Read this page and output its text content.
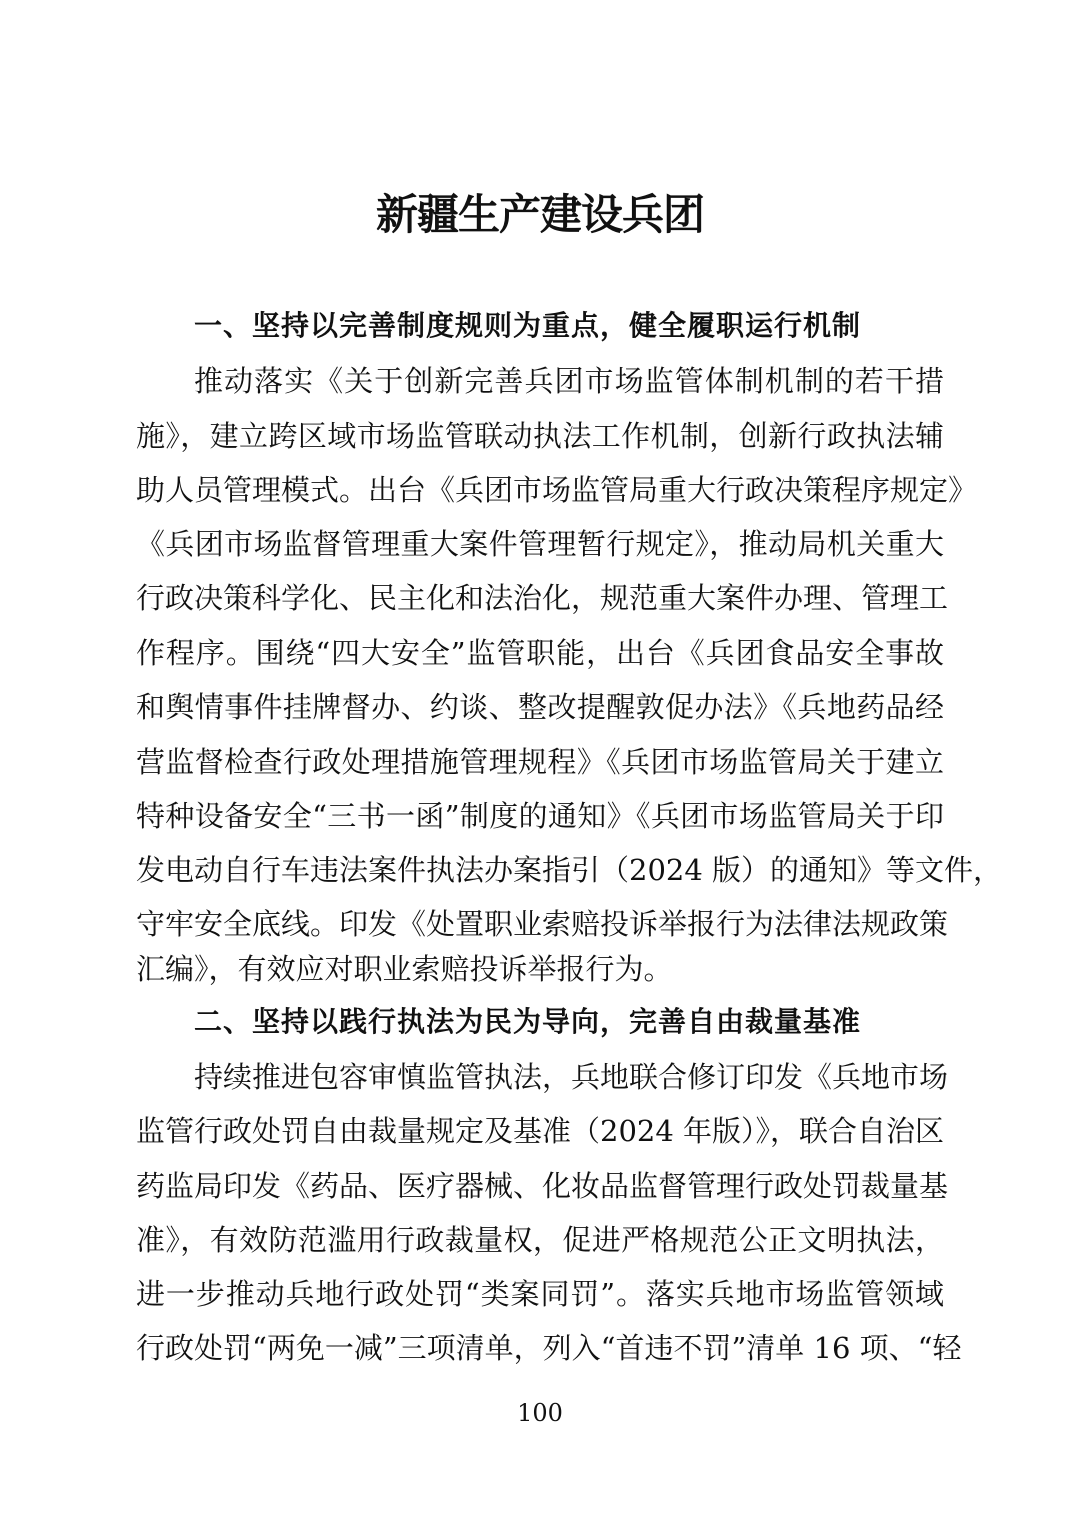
新疆生产建设兵团
一、坚持以完善制度规则为重点，健全履职运行机制
推动落实《关于创新完善兵团市场监管体制机制的若干措
施》，建立跨区域市场监管联动执法工作机制，创新行政执法辅
助人员管理模式。出台《兵团市场监管局重大行政决策程序规定》
《兵团市场监督管理重大案件管理暂行规定》，推动局机关重大
行政决策科学化、民主化和法治化，规范重大案件办理、管理工
作程序。围绕“四大安全”监管职能，出台《兵团食品安全事故
和舆情事件挂牌督办、约谈、整改提醒敦促办法》《兵地药品经
营监督检查行政处理措施管理规程》《兵团市场监管局关于建立
特种设备安全“三书一函”制度的通知》《兵团市场监管局关于印
发电动自行车违法案件执法办案指引（2024 版）的通知》等文件，
守牢安全底线。印发《处置职业索赔投诉举报行为法律法规政策
汇编》，有效应对职业索赔投诉举报行为。
二、坚持以践行执法为民为导向，完善自由裁量基准
持续推进包容审慎监管执法，兵地联合修订印发《兵地市场
监管行政处罚自由裁量规定及基准（2024 年版）》，联合自治区
药监局印发《药品、医疗器械、化妆品监督管理行政处罚裁量基
准》，有效防范滥用行政裁量权，促进严格规范公正文明执法，
进一步推动兵地行政处罚“类案同罚”。落实兵地市场监管领域
行政处罚“两免一减”三项清单，列入“首违不罚”清单 16 项、“轻
100
